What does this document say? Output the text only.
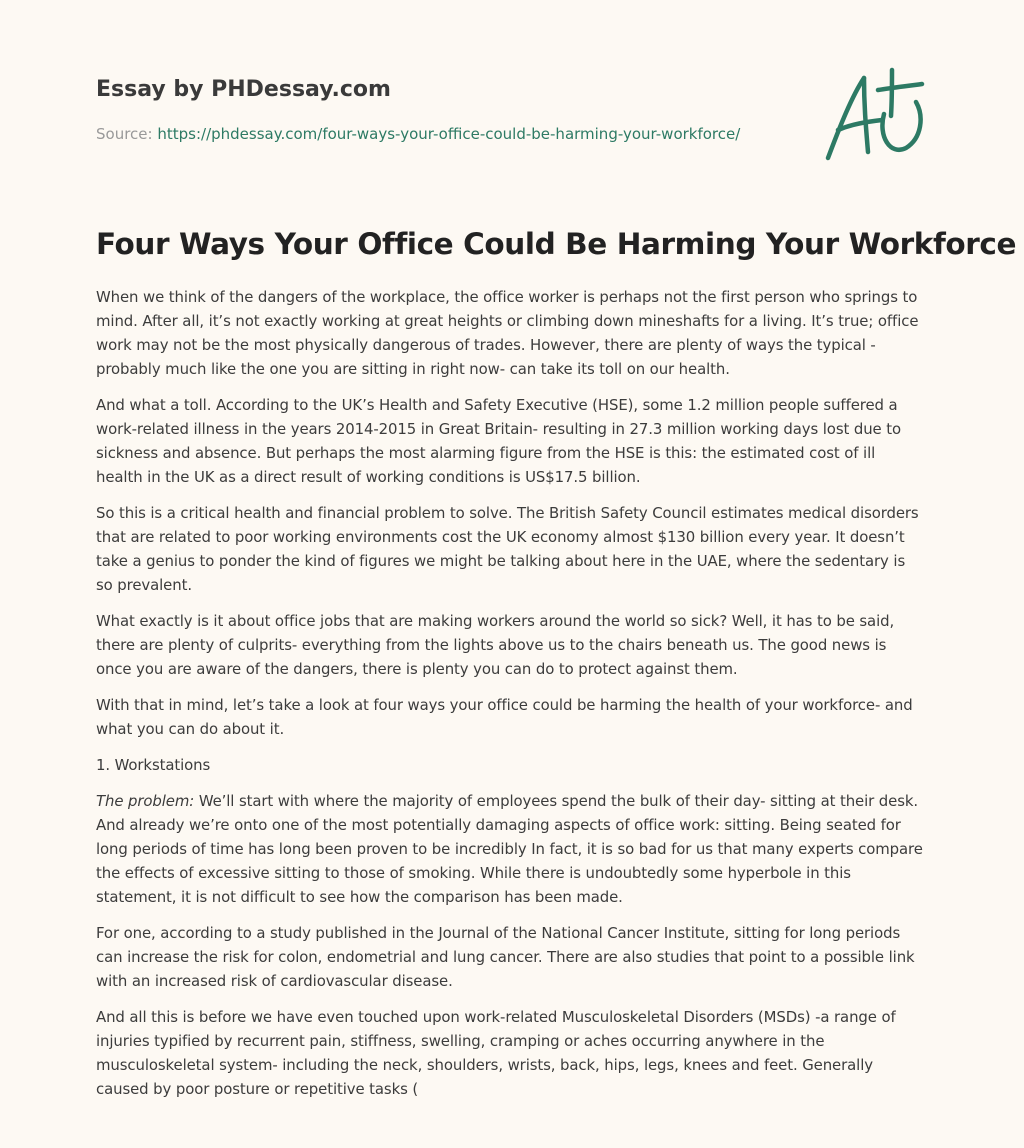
Essay by PHDessay.com
Source: https://phdessay.com/four-ways-your-office-could-be-harming-your-workforce/
Four Ways Your Office Could Be Harming Your Workforce

When we think of the dangers of the workplace, the office worker is perhaps not the first person who springs to mind. After all, it’s not exactly working at great heights or climbing down mineshafts for a living. It’s true; office work may not be the most physically dangerous of trades. However, there are plenty of ways the typical - probably much like the one you are sitting in right now- can take its toll on our health.

And what a toll. According to the UK’s Health and Safety Executive (HSE), some 1.2 million people suffered a work-related illness in the years 2014-2015 in Great Britain- resulting in 27.3 million working days lost due to sickness and absence. But perhaps the most alarming figure from the HSE is this: the estimated cost of ill health in the UK as a direct result of working conditions is US$17.5 billion.

So this is a critical health and financial problem to solve. The British Safety Council estimates medical disorders that are related to poor working environments cost the UK economy almost $130 billion every year. It doesn’t take a genius to ponder the kind of figures we might be talking about here in the UAE, where the sedentary is so prevalent.

What exactly is it about office jobs that are making workers around the world so sick? Well, it has to be said, there are plenty of culprits- everything from the lights above us to the chairs beneath us. The good news is once you are aware of the dangers, there is plenty you can do to protect against them.

With that in mind, let’s take a look at four ways your office could be harming the health of your workforce- and what you can do about it.

1. Workstations

The problem: We’ll start with where the majority of employees spend the bulk of their day- sitting at their desk. And already we’re onto one of the most potentially damaging aspects of office work: sitting. Being seated for long periods of time has long been proven to be incredibly In fact, it is so bad for us that many experts compare the effects of excessive sitting to those of smoking. While there is undoubtedly some hyperbole in this statement, it is not difficult to see how the comparison has been made.

For one, according to a study published in the Journal of the National Cancer Institute, sitting for long periods can increase the risk for colon, endometrial and lung cancer. There are also studies that point to a possible link with an increased risk of cardiovascular disease.

And all this is before we have even touched upon work-related Musculoskeletal Disorders (MSDs) -a range of injuries typified by recurrent pain, stiffness, swelling, cramping or aches occurring anywhere in the musculoskeletal system- including the neck, shoulders, wrists, back, hips, legs, knees and feet. Generally caused by poor posture or repetitive tasks (
